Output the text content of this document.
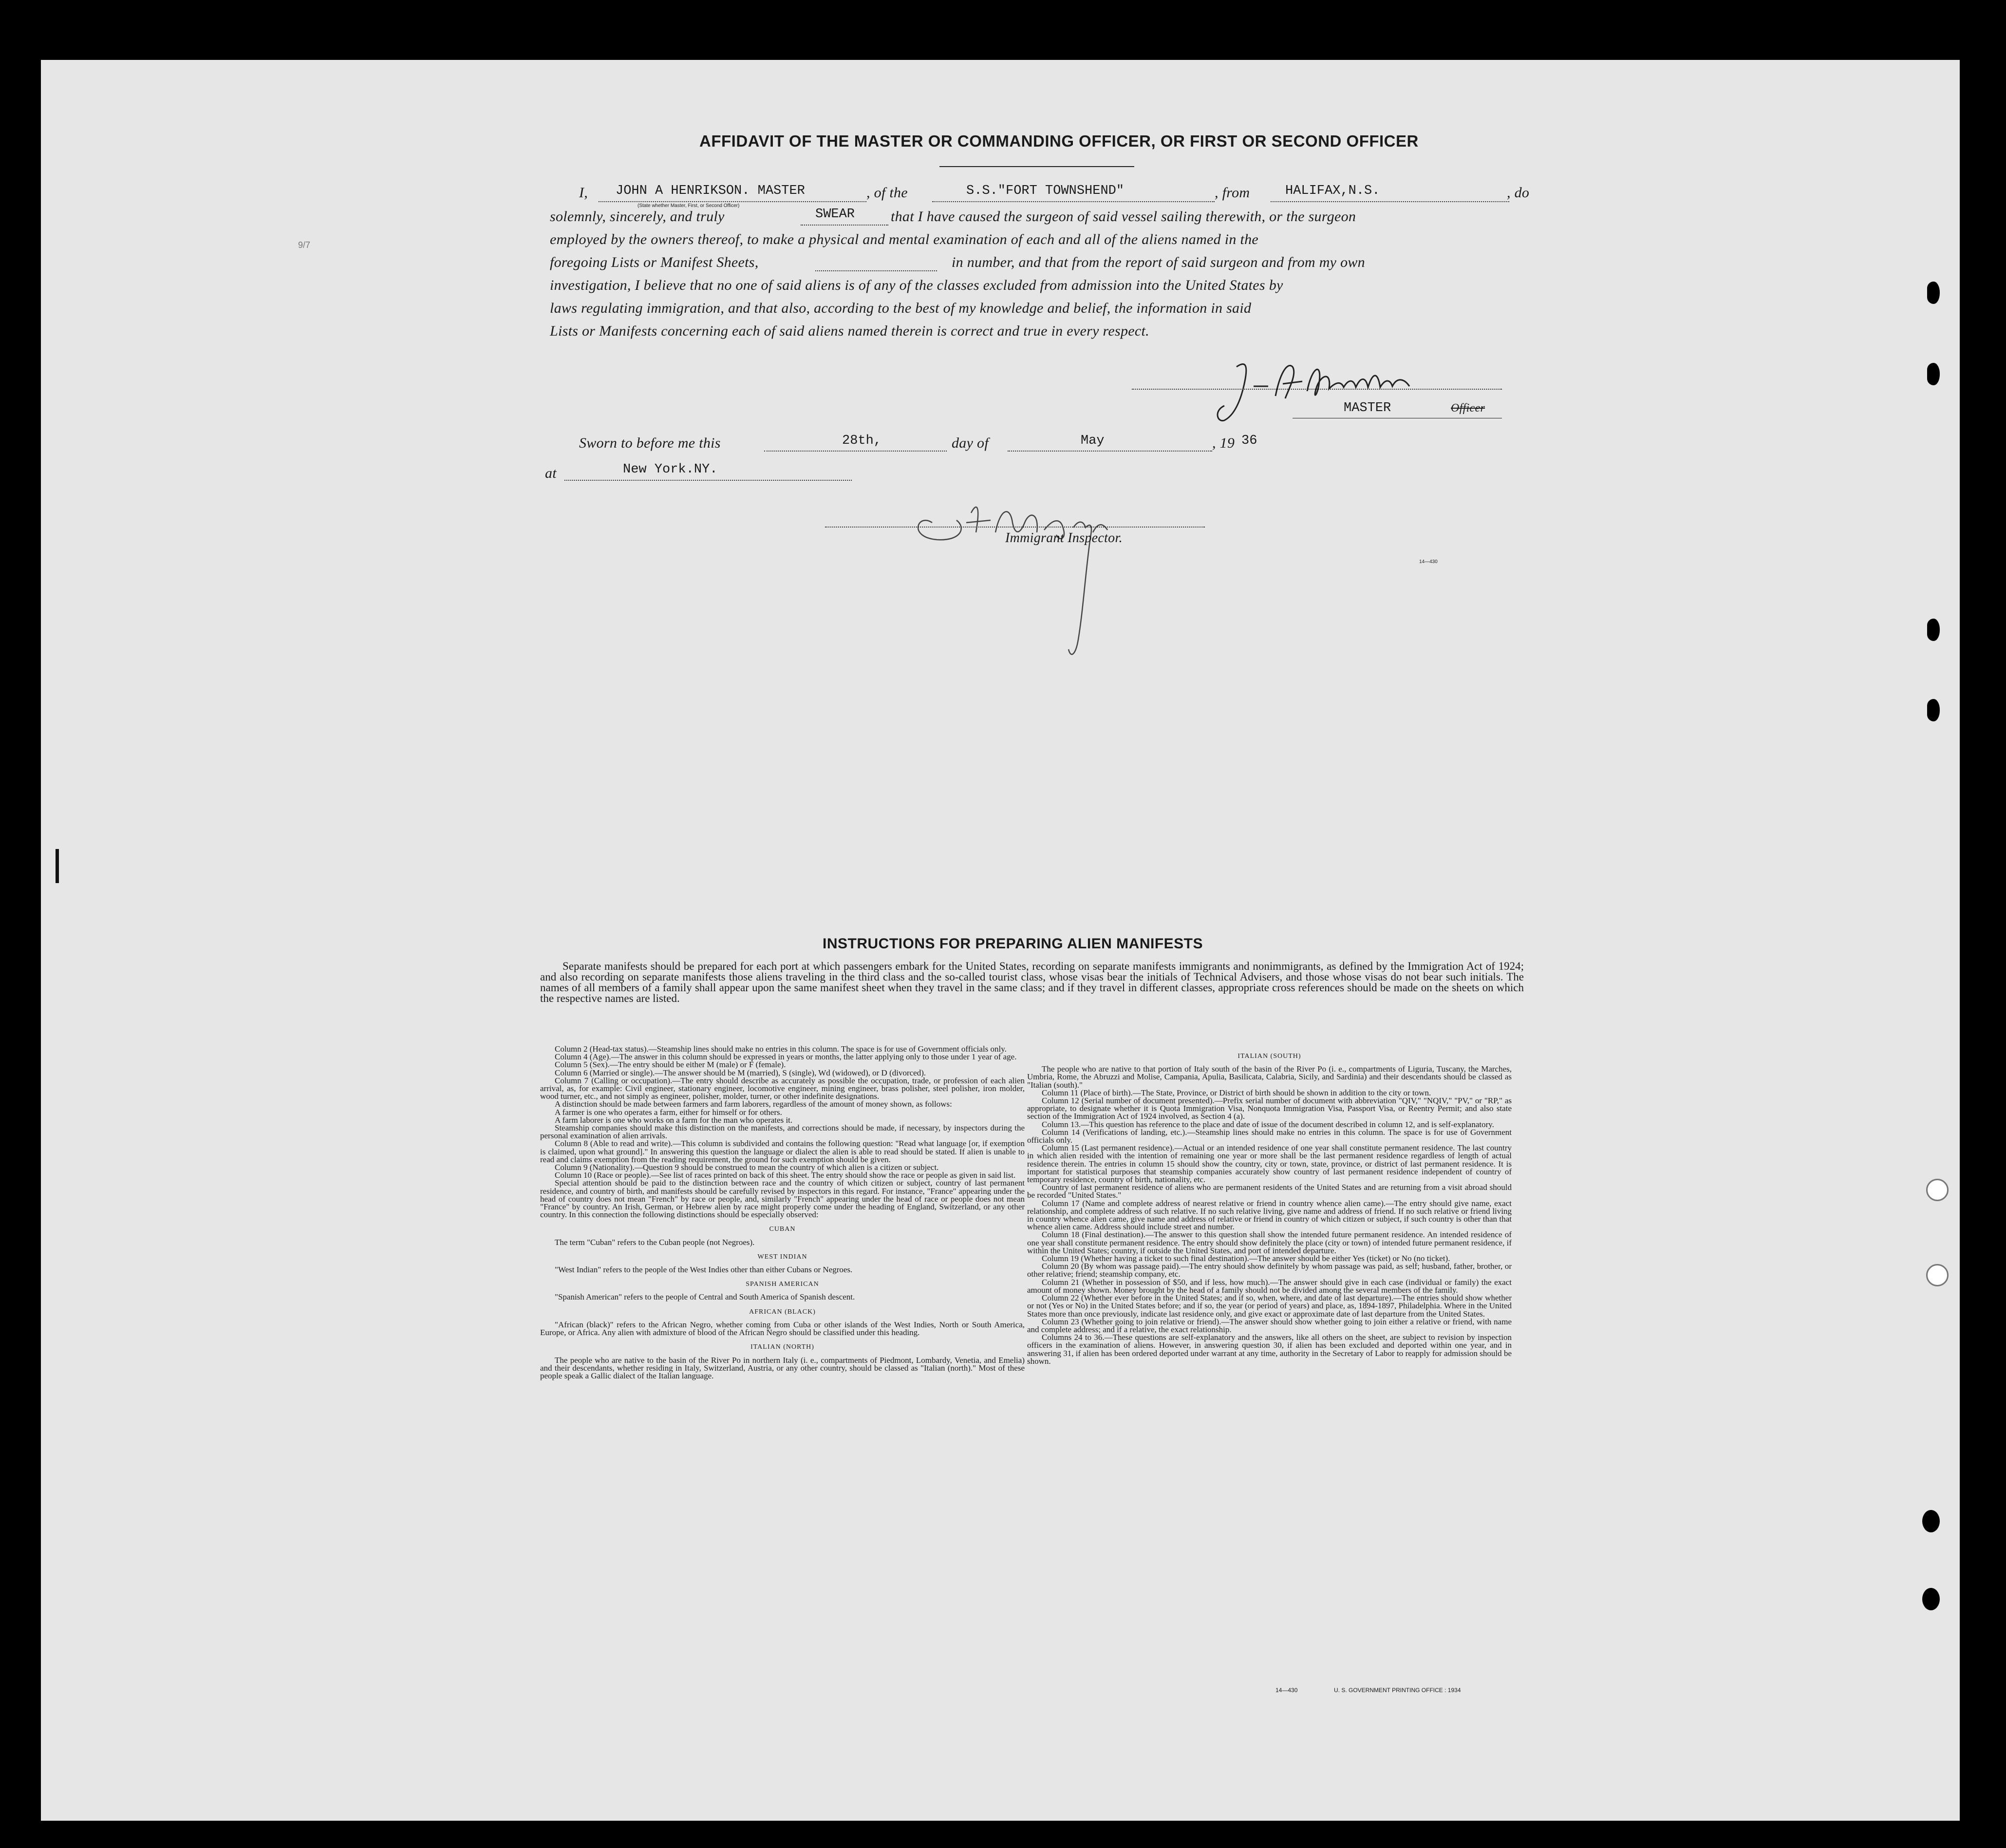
AFFIDAVIT OF THE MASTER OR COMMANDING OFFICER, OR FIRST OR SECOND OFFICER
9/7
I, JOHN A HENRIKSON. MASTER
(State whether Master, First, or Second Officer)
, of the	S.S."FORT TOWNSHEND"	, from	HALIFAX,N.S.	, do
solemnly, sincerely, and truly	SWEAR that I have caused the surgeon of said vessel sailing therewith, or the surgeon
employed by the owners thereof, to make a physical and mental examination of each and all of the aliens named in the
foregoing Lists or Manifest Sheets,	in number, and that from the report of said surgeon and from my own
investigation, I believe that no one of said aliens is of any of the classes excluded from admission into the United States by
laws regulating immigration, and that also, according to the best of my knowledge and belief, the information in said
Lists or Manifests concerning each of said aliens named therein is correct and true in every respect.
MASTER	Officer
Sworn to before me this	28th,	day of	May	, 19 36
at	New York.NY.
Immigrant Inspector.
14—430
INSTRUCTIONS FOR PREPARING ALIEN MANIFESTS

Separate manifests should be prepared for each port at which passengers embark for the United States, recording on separate manifests immigrants and nonimmigrants, as defined by the Immigration Act of 1924; and also recording on separate manifests those aliens traveling in the third class and the so-called tourist class, whose visas bear the initials of Technical Advisers, and those whose visas do not bear such initials. The names of all members of a family shall appear upon the same manifest sheet when they travel in the same class; and if they travel in different classes, appropriate cross references should be made on the sheets on which the respective names are listed.

Column 2 (Head-tax status).—Steamship lines should make no entries in this column. The space is for use of Government officials only.

Column 4 (Age).—The answer in this column should be expressed in years or months, the latter applying only to those under 1 year of age.

Column 5 (Sex).—The entry should be either M (male) or F (female).

Column 6 (Married or single).—The answer should be M (married), S (single), Wd (widowed), or D (divorced).

Column 7 (Calling or occupation).—The entry should describe as accurately as possible the occupation, trade, or profession of each alien arrival, as, for example: Civil engineer, stationary engineer, locomotive engineer, mining engineer, brass polisher, steel polisher, iron molder, wood turner, etc., and not simply as engineer, polisher, molder, turner, or other indefinite designations.

A distinction should be made between farmers and farm laborers, regardless of the amount of money shown, as follows:

A farmer is one who operates a farm, either for himself or for others.

A farm laborer is one who works on a farm for the man who operates it.

Steamship companies should make this distinction on the manifests, and corrections should be made, if necessary, by inspectors during the personal examination of alien arrivals.

Column 8 (Able to read and write).—This column is subdivided and contains the following question: "Read what language [or, if exemption is claimed, upon what ground]." In answering this question the language or dialect the alien is able to read should be stated. If alien is unable to read and claims exemption from the reading requirement, the ground for such exemption should be given.

Column 9 (Nationality).—Question 9 should be construed to mean the country of which alien is a citizen or subject.

Column 10 (Race or people).—See list of races printed on back of this sheet. The entry should show the race or people as given in said list.

Special attention should be paid to the distinction between race and the country of which citizen or subject, country of last permanent residence, and country of birth, and manifests should be carefully revised by inspectors in this regard. For instance, "France" appearing under the head of country does not mean "French" by race or people, and, similarly "French" appearing under the head of race or people does not mean "France" by country. An Irish, German, or Hebrew alien by race might properly come under the heading of England, Switzerland, or any other country. In this connection the following distinctions should be especially observed:

CUBAN

The term "Cuban" refers to the Cuban people (not Negroes).

WEST INDIAN

"West Indian" refers to the people of the West Indies other than either Cubans or Negroes.

SPANISH AMERICAN

"Spanish American" refers to the people of Central and South America of Spanish descent.

AFRICAN (BLACK)

"African (black)" refers to the African Negro, whether coming from Cuba or other islands of the West Indies, North or South America, Europe, or Africa. Any alien with admixture of blood of the African Negro should be classified under this heading.

ITALIAN (NORTH)

The people who are native to the basin of the River Po in northern Italy (i. e., compartments of Piedmont, Lombardy, Venetia, and Emelia) and their descendants, whether residing in Italy, Switzerland, Austria, or any other country, should be classed as "Italian (north)." Most of these people speak a Gallic dialect of the Italian language.

ITALIAN (SOUTH)

The people who are native to that portion of Italy south of the basin of the River Po (i. e., compartments of Liguria, Tuscany, the Marches, Umbria, Rome, the Abruzzi and Molise, Campania, Apulia, Basilicata, Calabria, Sicily, and Sardinia) and their descendants should be classed as "Italian (south)."

Column 11 (Place of birth).—The State, Province, or District of birth should be shown in addition to the city or town.

Column 12 (Serial number of document presented).—Prefix serial number of document with abbreviation "QIV," "NQIV," "PV," or "RP," as appropriate, to designate whether it is Quota Immigration Visa, Nonquota Immigration Visa, Passport Visa, or Reentry Permit; and also state section of the Immigration Act of 1924 involved, as Section 4 (a).

Column 13.—This question has reference to the place and date of issue of the document described in column 12, and is self-explanatory.

Column 14 (Verifications of landing, etc.).—Steamship lines should make no entries in this column. The space is for use of Government officials only.

Column 15 (Last permanent residence).—Actual or an intended residence of one year shall constitute permanent residence. The last country in which alien resided with the intention of remaining one year or more shall be the last permanent residence regardless of length of actual residence therein. The entries in column 15 should show the country, city or town, state, province, or district of last permanent residence. It is important for statistical purposes that steamship companies accurately show country of last permanent residence independent of country of temporary residence, country of birth, nationality, etc.

Country of last permanent residence of aliens who are permanent residents of the United States and are returning from a visit abroad should be recorded "United States."

Column 17 (Name and complete address of nearest relative or friend in country whence alien came).—The entry should give name, exact relationship, and complete address of such relative. If no such relative living, give name and address of friend. If no such relative or friend living in country whence alien came, give name and address of relative or friend in country of which citizen or subject, if such country is other than that whence alien came. Address should include street and number.

Column 18 (Final destination).—The answer to this question shall show the intended future permanent residence. An intended residence of one year shall constitute permanent residence. The entry should show definitely the place (city or town) of intended future permanent residence, if within the United States; country, if outside the United States, and port of intended departure.

Column 19 (Whether having a ticket to such final destination).—The answer should be either Yes (ticket) or No (no ticket).

Column 20 (By whom was passage paid).—The entry should show definitely by whom passage was paid, as self; husband, father, brother, or other relative; friend; steamship company, etc.

Column 21 (Whether in possession of $50, and if less, how much).—The answer should give in each case (individual or family) the exact amount of money shown. Money brought by the head of a family should not be divided among the several members of the family.

Column 22 (Whether ever before in the United States; and if so, when, where, and date of last departure).—The entries should show whether or not (Yes or No) in the United States before; and if so, the year (or period of years) and place, as, 1894-1897, Philadelphia. Where in the United States more than once previously, indicate last residence only, and give exact or approximate date of last departure from the United States.

Column 23 (Whether going to join relative or friend).—The answer should show whether going to join either a relative or friend, with name and complete address; and if a relative, the exact relationship.

Columns 24 to 36.—These questions are self-explanatory and the answers, like all others on the sheet, are subject to revision by inspection officers in the examination of aliens. However, in answering question 30, if alien has been excluded and deported within one year, and in answering 31, if alien has been ordered deported under warrant at any time, authority in the Secretary of Labor to reapply for admission should be shown.

14—430	U. S. GOVERNMENT PRINTING OFFICE : 1934
